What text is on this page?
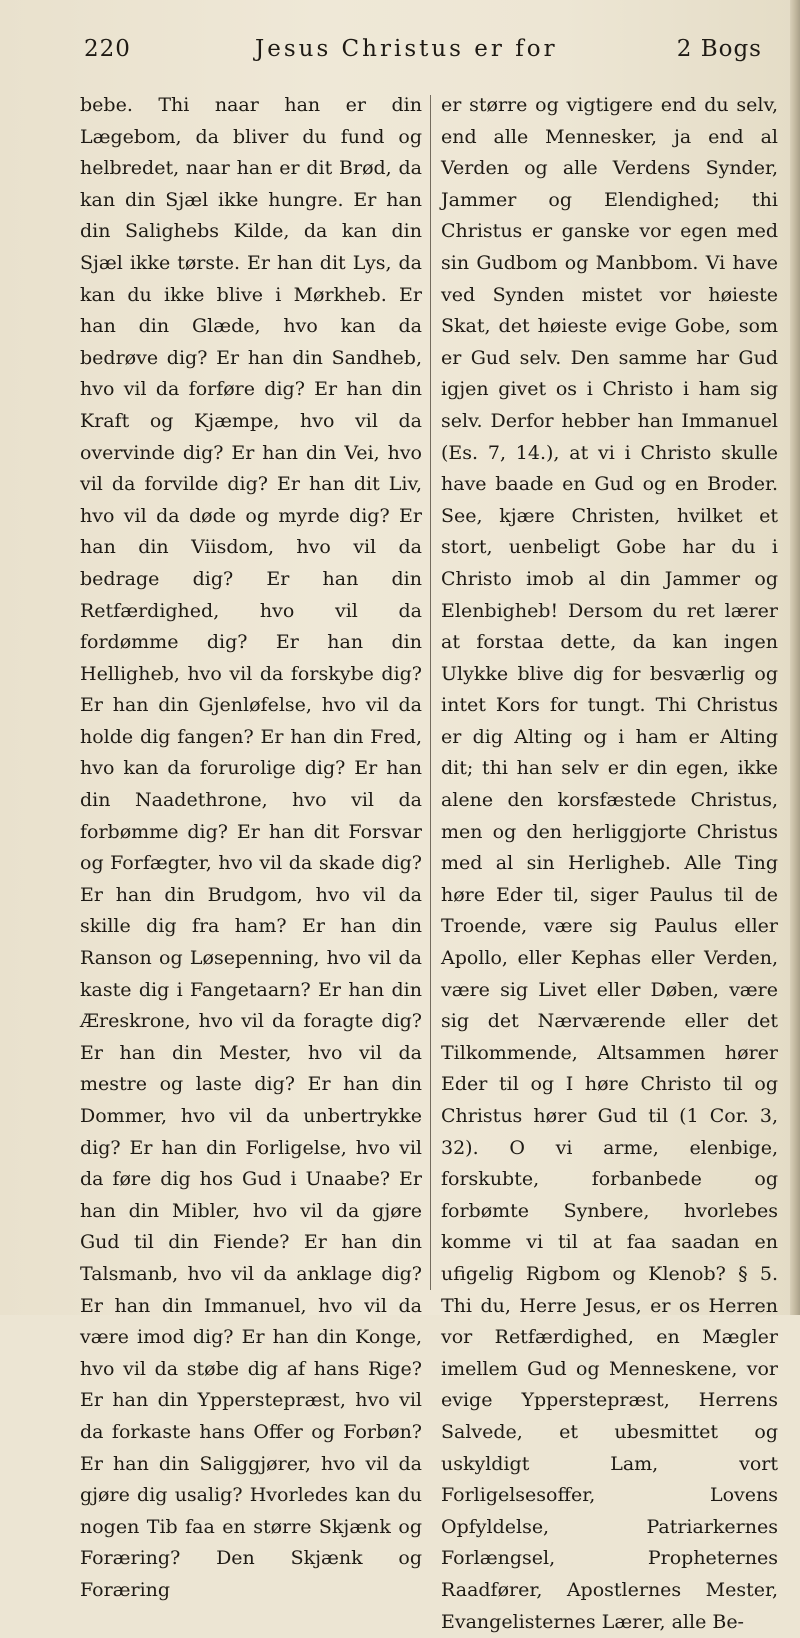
220	Jesus Christus er for	2 Bogs
bebe. Thi naar han er din Lægebom, da bliver du fund og helbredet, naar han er dit Brød, da kan din Sjæl ikke hungre. Er han din Salighebs Kilde, da kan din Sjæl ikke tørste. Er han dit Lys, da kan du ikke blive i Mørkheb. Er han din Glæde, hvo kan da bedrøve dig? Er han din Sandheb, hvo vil da forføre dig? Er han din Kraft og Kjæmpe, hvo vil da overvinde dig? Er han din Vei, hvo vil da forvilde dig? Er han dit Liv, hvo vil da døde og myrde dig? Er han din Viisdom, hvo vil da bedrage dig? Er han din Retfærdighed, hvo vil da fordømme dig? Er han din Helligheb, hvo vil da forskybe dig? Er han din Gjenløfelse, hvo vil da holde dig fangen? Er han din Fred, hvo kan da forurolige dig? Er han din Naadethrone, hvo vil da forbømme dig? Er han dit Forsvar og Forfægter, hvo vil da skade dig? Er han din Brudgom, hvo vil da skille dig fra ham? Er han din Ranson og Løsepenning, hvo vil da kaste dig i Fangetaarn? Er han din Æreskrone, hvo vil da foragte dig? Er han din Mester, hvo vil da mestre og laste dig? Er han din Dommer, hvo vil da unbertrykke dig? Er han din Forligelse, hvo vil da føre dig hos Gud i Unaabe? Er han din Mibler, hvo vil da gjøre Gud til din Fiende? Er han din Talsmanb, hvo vil da anklage dig? Er han din Immanuel, hvo vil da være imod dig? Er han din Konge, hvo vil da støbe dig af hans Rige? Er han din Ypperstepræst, hvo vil da forkaste hans Offer og Forbøn? Er han din Saliggjører, hvo vil da gjøre dig usalig? Hvorledes kan du nogen Tib faa en større Skjænk og Foræring? Den Skjænk og Foræring
er større og vigtigere end du selv, end alle Mennesker, ja end al Verden og alle Verdens Synder, Jammer og Elendighed; thi Christus er ganske vor egen med sin Gudbom og Manbbom. Vi have ved Synden mistet vor høieste Skat, det høieste evige Gobe, som er Gud selv. Den samme har Gud igjen givet os i Christo i ham sig selv. Derfor hebber han Immanuel (Es. 7, 14.), at vi i Christo skulle have baade en Gud og en Broder. See, kjære Christen, hvilket et stort, uenbeligt Gobe har du i Christo imob al din Jammer og Elenbigheb! Dersom du ret lærer at forstaa dette, da kan ingen Ulykke blive dig for besværlig og intet Kors for tungt. Thi Christus er dig Alting og i ham er Alting dit; thi han selv er din egen, ikke alene den korsfæstede Christus, men og den herliggjorte Christus med al sin Herligheb. Alle Ting høre Eder til, siger Paulus til de Troende, være sig Paulus eller Apollo, eller Kephas eller Verden, være sig Livet eller Døben, være sig det Nærværende eller det Tilkommende, Altsammen hører Eder til og I høre Christo til og Christus hører Gud til (1 Cor. 3, 32). O vi arme, elenbige, forskubte, forbanbede og forbømte Synbere, hvorlebes komme vi til at faa saadan en ufigelig Rigbom og Klenob? § 5. Thi du, Herre Jesus, er os Herren vor Retfærdighed, en Mægler imellem Gud og Menneskene, vor evige Ypperstepræst, Herrens Salvede, et ubesmittet og uskyldigt Lam, vort Forligelsesoffer, Lovens Opfyldelse, Patriarkernes Forlængsel, Propheternes Raadfører, Apostlernes Mester, Evangelisternes Lærer, alle Be-
